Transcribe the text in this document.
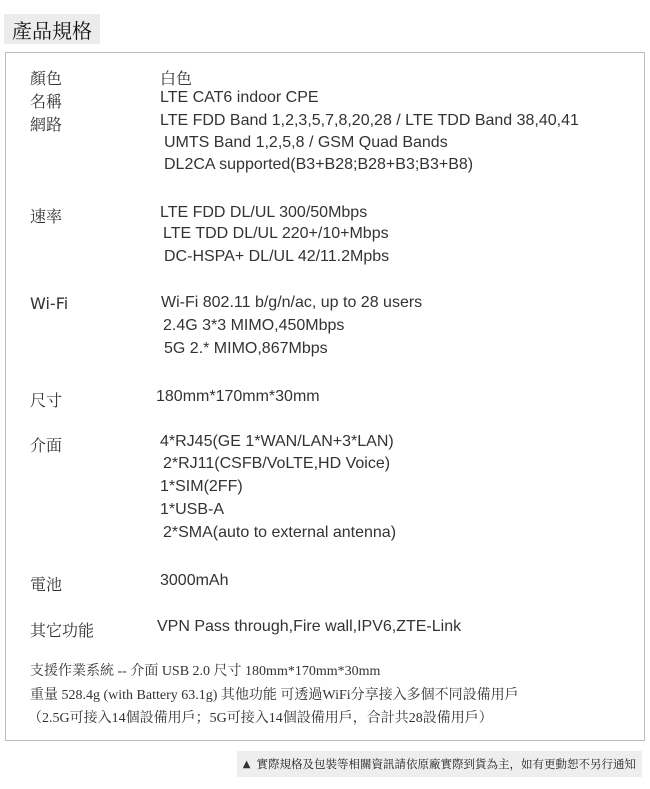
產品規格
顏色	白色
名稱	LTE CAT6 indoor CPE
網路	LTE FDD Band 1,2,3,5,7,8,20,28 / LTE TDD Band 38,40,41
UMTS Band 1,2,5,8 / GSM Quad Bands
DL2CA supported(B3+B28;B28+B3;B3+B8)
速率	LTE FDD DL/UL 300/50Mbps
LTE TDD DL/UL 220+/10+Mbps
DC-HSPA+ DL/UL 42/11.2Mpbs
Wi-Fi	Wi-Fi 802.11 b/g/n/ac, up to 28 users
2.4G 3*3 MIMO,450Mbps
5G 2.* MIMO,867Mbps
尺寸	180mm*170mm*30mm
介面	4*RJ45(GE 1*WAN/LAN+3*LAN)
2*RJ11(CSFB/VoLTE,HD Voice)
1*SIM(2FF)
1*USB-A
2*SMA(auto to external antenna)
電池	3000mAh
其它功能	VPN Pass through,Fire wall,IPV6,ZTE-Link
支援作業系統 -- 介面 USB 2.0 尺寸 180mm*170mm*30mm
重量 528.4g (with Battery 63.1g) 其他功能 可透過WiFi分享接入多個不同設備用戶
（2.5G可接入14個設備用戶；5G可接入14個設備用戶，合計共28設備用戶）
▲ 實際規格及包裝等相關資訊請依原廠實際到貨為主，如有更動恕不另行通知
